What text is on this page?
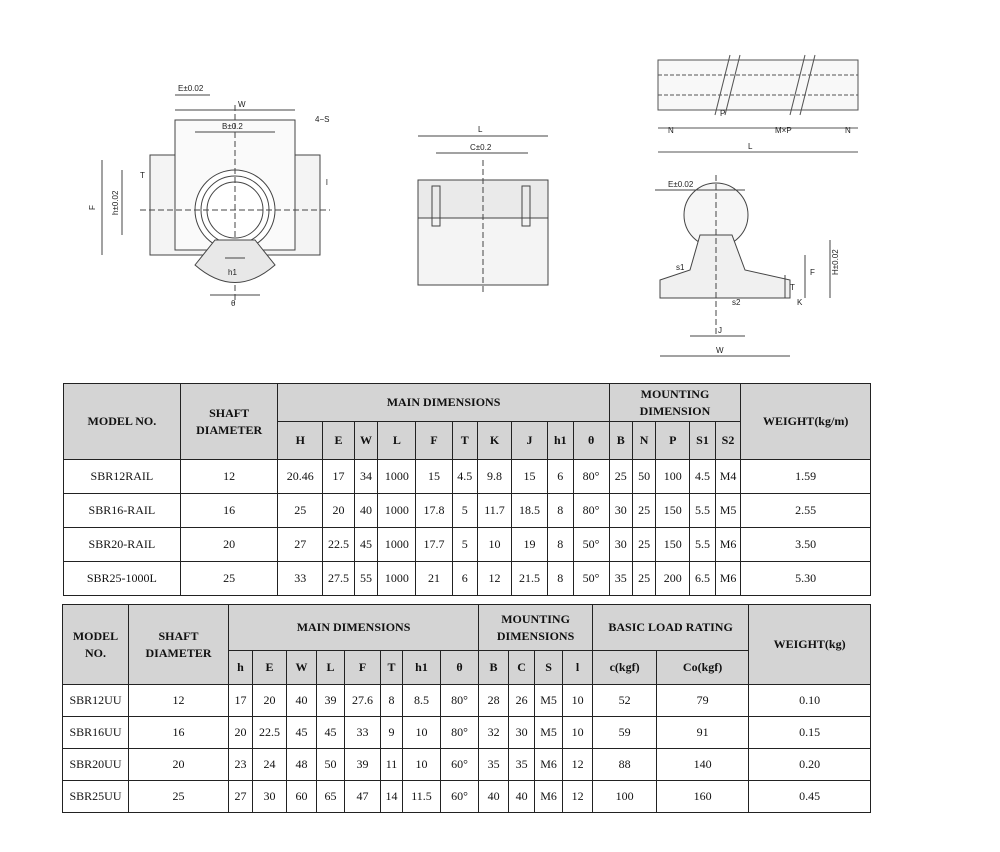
E±0.02
W
B±0.2
4−S
F h±0.02
T
l
h1
θ
L
C±0.2
N
P
M×P	N
L
E±0.02
H±0.02
F
T
K
s1
s2
J
W
MODEL NO.	SHAFT DIAMETER	MAIN DIMENSIONS										MOUNTING DIMENSION					WEIGHT(kg/m)
		H	E	W	L	F	T	K	J	h1	θ	B	N	P	S1	S2	
SBR12RAIL	12	20.46	17	34	1000	15	4.5	9.8	15	6	80°	25	50	100	4.5	M4	1.59
SBR16-RAIL	16	25	20	40	1000	17.8	5	11.7	18.5	8	80°	30	25	150	5.5	M5	2.55
SBR20-RAIL	20	27	22.5	45	1000	17.7	5	10	19	8	50°	30	25	150	5.5	M6	3.50
SBR25-1000L	25	33	27.5	55	1000	21	6	12	21.5	8	50°	35	25	200	6.5	M6	5.30
MODEL NO.	SHAFT DIAMETER	MAIN DIMENSIONS								MOUNTING DIMENSIONS				BASIC LOAD RATING		WEIGHT(kg)
		h	E	W	L	F	T	h1	θ	B	C	S	l	c(kgf)	Co(kgf)	
SBR12UU	12	17	20	40	39	27.6	8	8.5	80°	28	26	M5	10	52	79	0.10
SBR16UU	16	20	22.5	45	45	33	9	10	80°	32	30	M5	10	59	91	0.15
SBR20UU	20	23	24	48	50	39	11	10	60°	35	35	M6	12	88	140	0.20
SBR25UU	25	27	30	60	65	47	14	11.5	60°	40	40	M6	12	100	160	0.45
